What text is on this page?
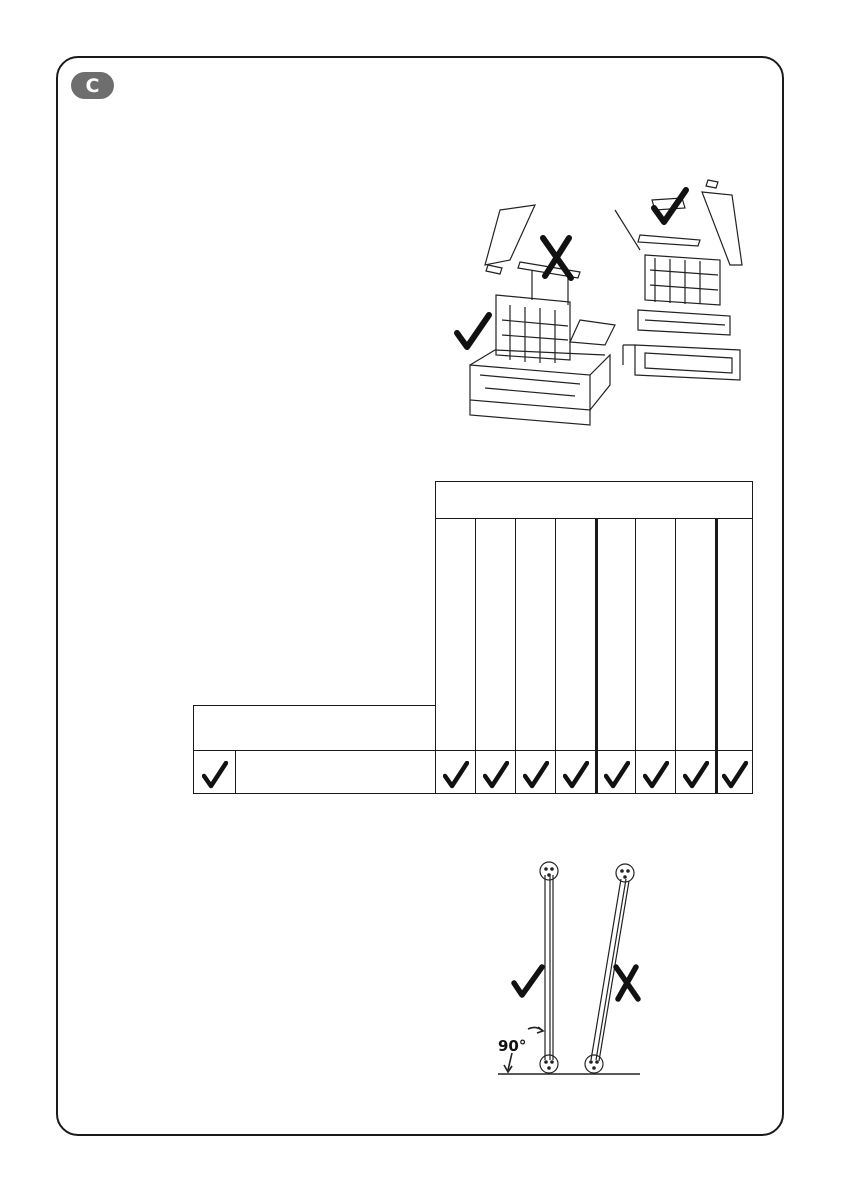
C
90°
